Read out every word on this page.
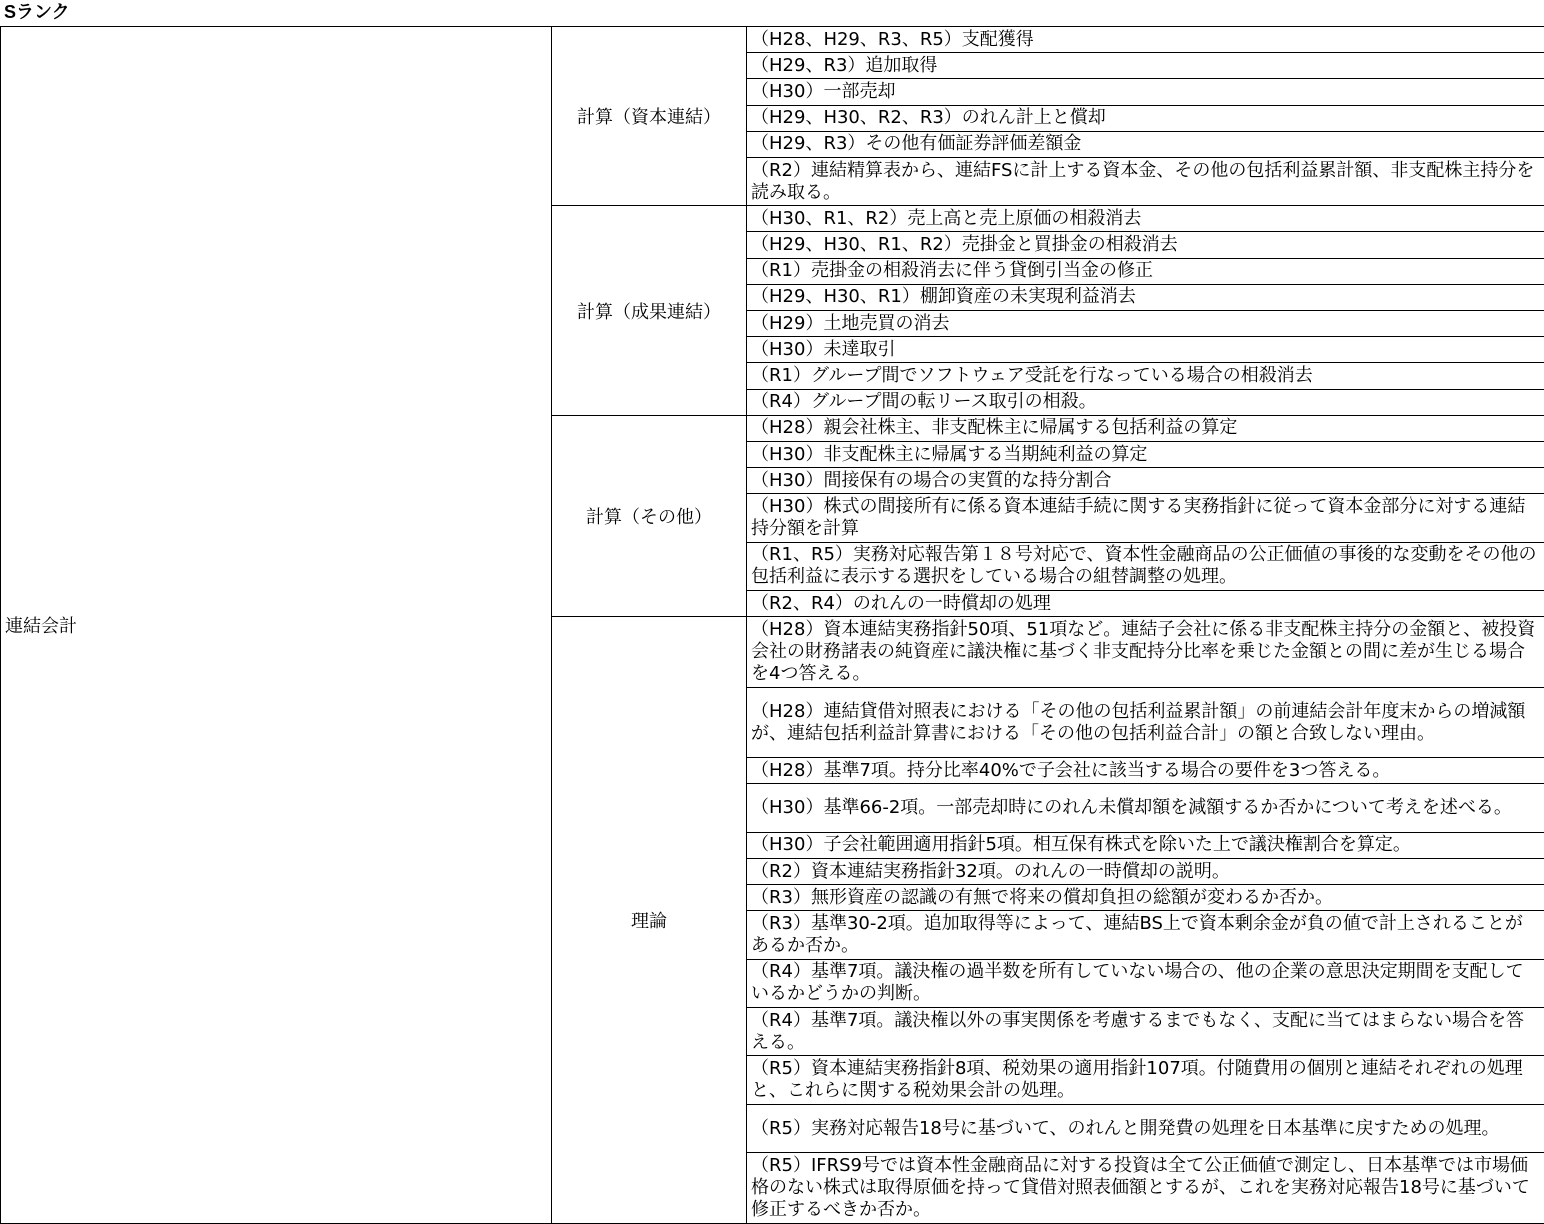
Sランク
連結会計	計算（資本連結）	（H28、H29、R3、R5）支配獲得
		（H29、R3）追加取得
		（H30）一部売却
		（H29、H30、R2、R3）のれん計上と償却
		（H29、R3）その他有価証券評価差額金
		（R2）連結精算表から、連結FSに計上する資本金、その他の包括利益累計額、非支配株主持分を読み取る。
	計算（成果連結）	（H30、R1、R2）売上高と売上原価の相殺消去
		（H29、H30、R1、R2）売掛金と買掛金の相殺消去
		（R1）売掛金の相殺消去に伴う貸倒引当金の修正
		（H29、H30、R1）棚卸資産の未実現利益消去
		（H29）土地売買の消去
		（H30）未達取引
		（R1）グループ間でソフトウェア受託を行なっている場合の相殺消去
		（R4）グループ間の転リース取引の相殺。
	計算（その他）	（H28）親会社株主、非支配株主に帰属する包括利益の算定
		（H30）非支配株主に帰属する当期純利益の算定
		（H30）間接保有の場合の実質的な持分割合
		（H30）株式の間接所有に係る資本連結手続に関する実務指針に従って資本金部分に対する連結持分額を計算
		（R1、R5）実務対応報告第１８号対応で、資本性金融商品の公正価値の事後的な変動をその他の包括利益に表示する選択をしている場合の組替調整の処理。
		（R2、R4）のれんの一時償却の処理
	理論	（H28）資本連結実務指針50項、51項など。連結子会社に係る非支配株主持分の金額と、被投資会社の財務諸表の純資産に議決権に基づく非支配持分比率を乗じた金額との間に差が生じる場合を4つ答える。
		（H28）連結貸借対照表における「その他の包括利益累計額」の前連結会計年度末からの増減額が、連結包括利益計算書における「その他の包括利益合計」の額と合致しない理由。
		（H28）基準7項。持分比率40%で子会社に該当する場合の要件を3つ答える。
		（H30）基準66-2項。一部売却時にのれん未償却額を減額するか否かについて考えを述べる。
		（H30）子会社範囲適用指針5項。相互保有株式を除いた上で議決権割合を算定。
		（R2）資本連結実務指針32項。のれんの一時償却の説明。
		（R3）無形資産の認識の有無で将来の償却負担の総額が変わるか否か。
		（R3）基準30-2項。追加取得等によって、連結BS上で資本剰余金が負の値で計上されることがあるか否か。
		（R4）基準7項。議決権の過半数を所有していない場合の、他の企業の意思決定期間を支配しているかどうかの判断。
		（R4）基準7項。議決権以外の事実関係を考慮するまでもなく、支配に当てはまらない場合を答える。
		（R5）資本連結実務指針8項、税効果の適用指針107項。付随費用の個別と連結それぞれの処理と、これらに関する税効果会計の処理。
		（R5）実務対応報告18号に基づいて、のれんと開発費の処理を日本基準に戻すための処理。
		（R5）IFRS9号では資本性金融商品に対する投資は全て公正価値で測定し、日本基準では市場価格のない株式は取得原価を持って貸借対照表価額とするが、これを実務対応報告18号に基づいて修正するべきか否か。
